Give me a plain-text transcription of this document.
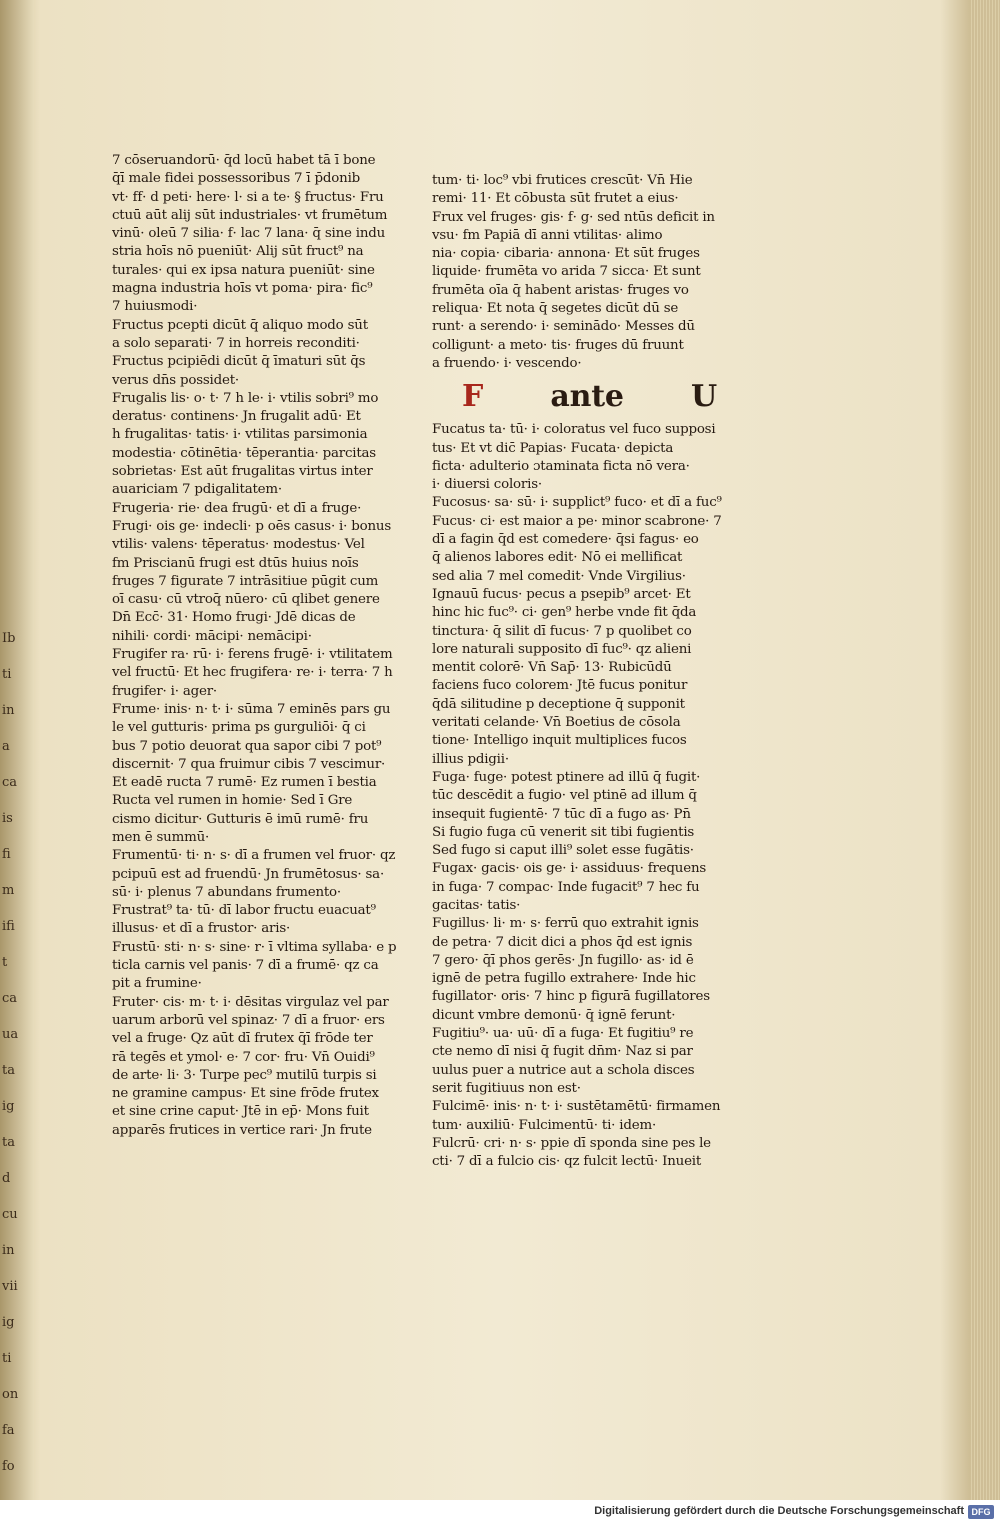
Ib
ti
in
a
ca
is
fi
m
ifi
t
ca
ua
ta
ig
ta
d
cu
in
vii
ig
ti
on
fa
fo
7 cōseruandorū· q̄d locū habet tā ī bone
q̄ī mal̄e fidei possessoribus 7 ī p̄donib
vt· ff· d̄ peti· here· l· si a te· § fructus· Fru
ctuū aūt alij sūt industriales· vt frumētum
vinū· oleū 7 silia· f· lac 7 lana· q̄ sine indu
stria hoīs nō pueniūt· Alij sūt fruct⁹ na
turales· qui ex ipsa natura pueniūt· sine
magna industria hoīs vt poma· pira· fic⁹
7 huiusmodi·
Fructus pcepti dicūt q̄ aliquo modo sūt
a solo separati· 7 in horreis reconditi·
Fructus pcipiēdi dicūt q̄ īmaturi sūt q̄s
verus dn̄s possidet·
Frugalis lis· o· t· 7 h le· i· vtilis sobri⁹ mo
deratus· continens· Jn frugalit adū· Et
h frugalitas· tatis· i· vtilitas parsimonia
modestia· cōtinētia· tēperantia· parcitas
sobrietas· Est aūt frugalitas virtus inter
auariciam 7 pdigalitatem·
Frugeria· rie· dea frugū· et dī a fruge·
Frugi· ois ge· indecli· p oēs casus· i· bonus
vtilis· valens· tēperatus· modestus· Vel
fm Priscianū frugi est dtūs huius noīs
fruges 7 figurate 7 intrāsitiue pūgit cum
oī casu· cū vtroq̄ nūero· cū qlibet genere
Dn̄ Ecc̄· 31· Homo frugi· Jdē dicas de
nihili· cordi· mācipi· nemācipi·
Frugifer ra· rū· i· ferens frugē· i· vtilitatem
vel fructū· Et hec frugifera· re· i· terra· 7 h
frugifer· i· ager·
Frume· inis· n· t· i· sūma 7 eminēs pars gu
le vel gutturis· prima ps gurguliōi· q̄ ci
bus 7 potio deuorat qua sapor cibi 7 pot⁹
discernit· 7 qua fruimur cibis 7 vescimur·
Et eadē ructa 7 rumē· Ez rumen ī bestia
Ructa vel rumen in homie· Sed ī Gre
cismo dicitur· Gutturis ē imū rumē· fru
men ē summū·
Frumentū· ti· n· s· dī a frumen vel fruor· qz
pcipuū est ad fruendū· Jn frumētosus· sa·
sū· i· plenus 7 abundans frumento·
Frustrat⁹ ta· tū· dī labor fructu euacuat⁹
illusus· et dī a frustor· aris·
Frustū· sti· n· s· sine· r· ī vltima syllaba· e p
ticla carnis vel panis· 7 dī a frumē· qz ca
pit a frumine·
Fruter· cis· m· t· i· dēsitas virgulaz vel par
uarum arborū vel spinaz· 7 dī a fruor· ers
vel a fruge· Qz aūt dī frutex q̄ī frōde ter
rā tegēs et ymol· e· 7 cor· fru· Vn̄ Ouidi⁹
de arte· li· 3· Turpe pec⁹ mutilū turpis si
ne gramine campus· Et sine frōde frutex
et sine crine caput· Jtē in ep̄· Mons fuit
apparēs frutices in vertice rari· Jn frute
tum· ti· loc⁹ vbi frutices crescūt· Vn̄ Hie
remi· 11· Et cōbusta sūt frutet a eius·
Frux vel fruges· gis· f· g· sed ntūs deficit in
vsu· fm Papiā dī anni vtilitas· alimo
nia· copia· cibaria· annona· Et sūt fruges
liquide· frumēta vo arida 7 sicca· Et sunt
frumēta oīa q̄ habent aristas· fruges vo
reliqua· Et nota q̄ segetes dicūt dū se
runt· a serendo· i· seminādo· Messes dū
colligunt· a meto· tis· fruges dū fruunt
a fruendo· i· vescendo·
F ante U
Fucatus ta· tū· i· coloratus vel fuco supposi
tus· Et vt dic̄ Papias· Fucata· depicta
ficta· adulterio ɔtaminata ficta nō vera·
i· diuersi coloris·
Fucosus· sa· sū· i· supplict⁹ fuco· et dī a fuc⁹
Fucus· ci· est maior a pe· minor scabrone· 7
dī a fagin q̄d est comedere· q̄si fagus· eo
q̄ alienos labores edit· Nō ei mellificat
sed alia 7 mel comedit· Vnde Virgilius·
Ignauū fucus· pecus a psepib⁹ arcet· Et
hinc hic fuc⁹· ci· gen⁹ herbe vnde fit q̄da
tinctura· q̄ silit dī fucus· 7 p quolibet co
lore naturali supposito dī fuc⁹· qz alieni
mentit colorē· Vn̄ Sap̄· 13· Rubicūdū
faciens fuco colorem· Jtē fucus ponitur
q̄dā silitudine p deceptione q̄ supponit
veritati celande· Vn̄ Boetius de cōsola
tione· Intelligo inquit multiplices fucos
illius pdigii·
Fuga· fuge· potest ptinere ad illū q̄ fugit·
tūc descēdit a fugio· vel ptinē ad illum q̄
insequit fugientē· 7 tūc dī a fugo as· Pn̄
Si fugio fuga cū venerit sit tibi fugientis
Sed fugo si caput illi⁹ solet esse fugātis·
Fugax· gacis· ois ge· i· assiduus· frequens
in fuga· 7 compac· Inde fugacit⁹ 7 hec fu
gacitas· tatis·
Fugillus· li· m· s· ferrū quo extrahit ignis
de petra· 7 dicit dici a phos q̄d est ignis
7 gero· q̄ī phos gerēs· Jn fugillo· as· id ē
ignē de petra fugillo extrahere· Inde hic
fugillator· oris· 7 hinc p figurā fugillatores
dicunt vmbre demonū· q̄ ignē ferunt·
Fugitiu⁹· ua· uū· dī a fuga· Et fugitiu⁹ re
cte nemo dī nisi q̄ fugit dn̄m· Naz si par
uulus puer a nutrice aut a schola disces
serit fugitiuus non est·
Fulcimē· inis· n· t· i· sustētamētū· firmamen
tum· auxiliū· Fulcimentū· ti· idem·
Fulcrū· cri· n· s· ppie dī sponda sine pes le
cti· 7 dī a fulcio cis· qz fulcit lectū· Inueit
Digitalisierung gefördert durch die Deutsche Forschungsgemeinschaft DFG
